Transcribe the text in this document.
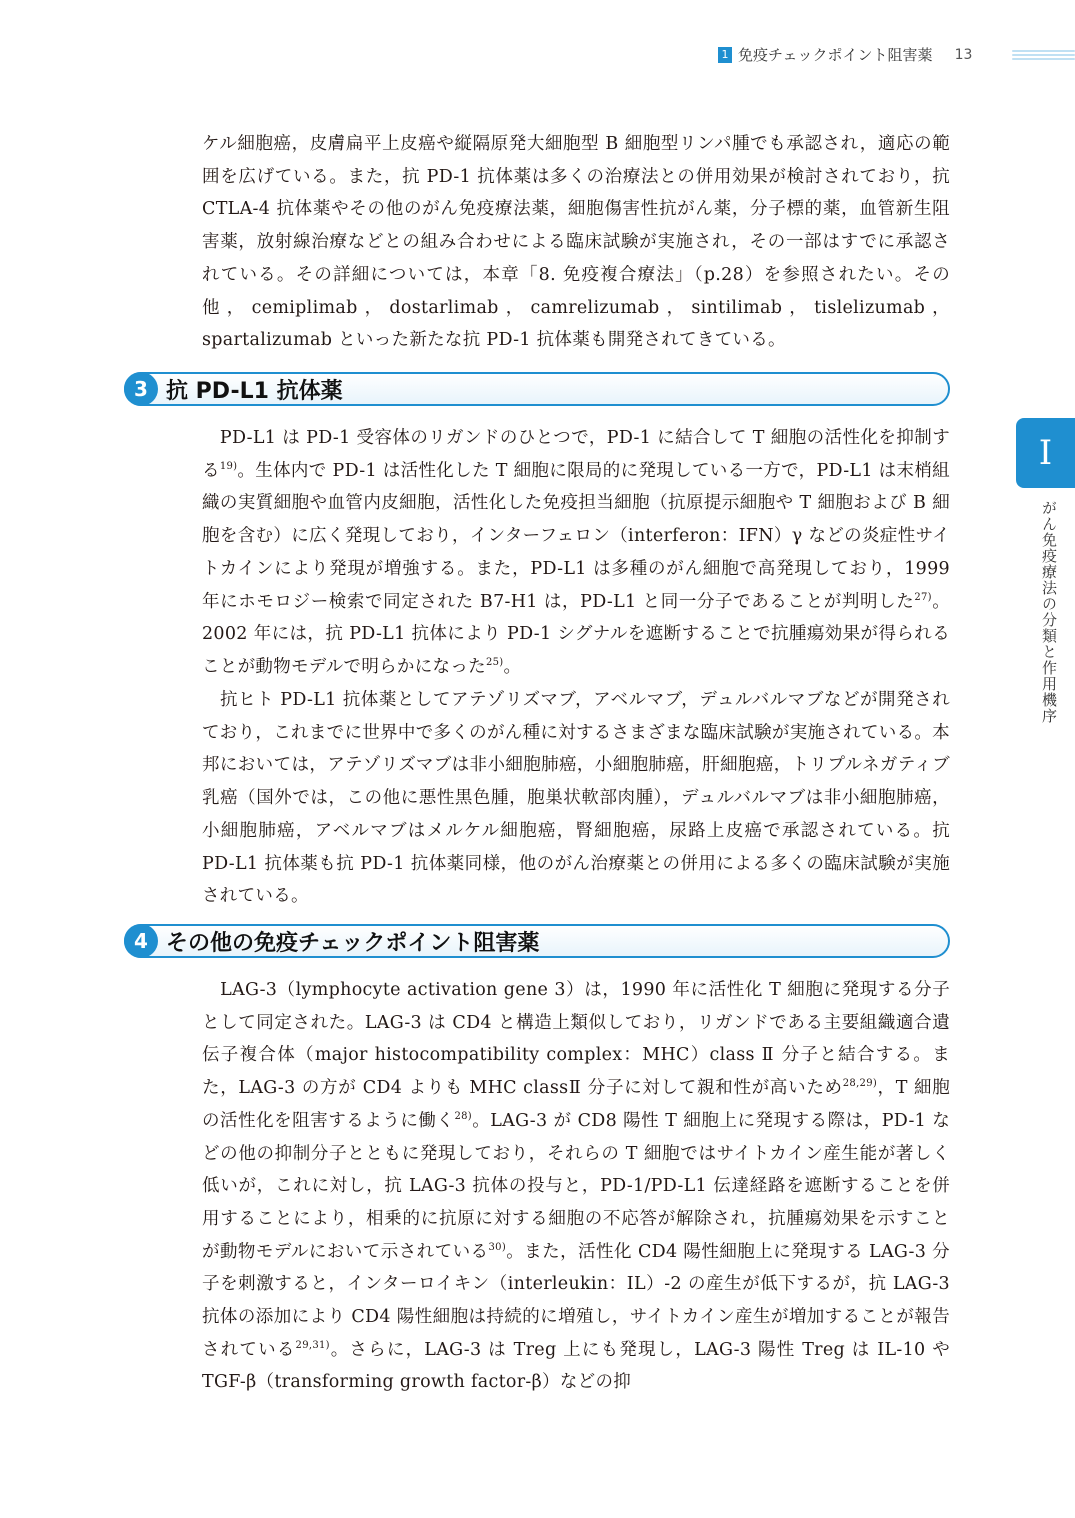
1 免疫チェックポイント阻害薬 13
I
がん免疫療法の分類と作用機序

ケル細胞癌，皮膚扁平上皮癌や縦隔原発大細胞型 B 細胞型リンパ腫でも承認され，適応の範囲を広げている。また，抗 PD-1 抗体薬は多くの治療法との併用効果が検討されており，抗 CTLA-4 抗体薬やその他のがん免疫療法薬，細胞傷害性抗がん薬，分子標的薬，血管新生阻害薬，放射線治療などとの組み合わせによる臨床試験が実施され，その一部はすでに承認されている。その詳細については，本章「8. 免疫複合療法」（p.28）を参照されたい。その他，cemiplimab，dostarlimab，camrelizumab，sintilimab，tislelizumab，spartalizumab といった新たな抗 PD-1 抗体薬も開発されてきている。

3 抗 PD-L1 抗体薬

　PD-L1 は PD-1 受容体のリガンドのひとつで，PD-1 に結合して T 細胞の活性化を抑制する$^{19)}$。生体内で PD-1 は活性化した T 細胞に限局的に発現している一方で，PD-L1 は末梢組織の実質細胞や血管内皮細胞，活性化した免疫担当細胞（抗原提示細胞や T 細胞および B 細胞を含む）に広く発現しており，インターフェロン（interferon：IFN）γ などの炎症性サイトカインにより発現が増強する。また，PD-L1 は多種のがん細胞で高発現しており，1999 年にホモロジー検索で同定された B7-H1 は，PD-L1 と同一分子であることが判明した$^{27)}$。2002 年には，抗 PD-L1 抗体により PD-1 シグナルを遮断することで抗腫瘍効果が得られることが動物モデルで明らかになった$^{25)}$。

　抗ヒト PD-L1 抗体薬としてアテゾリズマブ，アベルマブ，デュルバルマブなどが開発されており，これまでに世界中で多くのがん種に対するさまざまな臨床試験が実施されている。本邦においては，アテゾリズマブは非小細胞肺癌，小細胞肺癌，肝細胞癌，トリプルネガティブ乳癌（国外では，この他に悪性黒色腫，胞巣状軟部肉腫），デュルバルマブは非小細胞肺癌，小細胞肺癌，アベルマブはメルケル細胞癌，腎細胞癌，尿路上皮癌で承認されている。抗 PD-L1 抗体薬も抗 PD-1 抗体薬同様，他のがん治療薬との併用による多くの臨床試験が実施されている。

4 その他の免疫チェックポイント阻害薬

　LAG-3（lymphocyte activation gene 3）は，1990 年に活性化 T 細胞に発現する分子として同定された。LAG-3 は CD4 と構造上類似しており，リガンドである主要組織適合遺伝子複合体（major histocompatibility complex：MHC）class Ⅱ 分子と結合する。また，LAG-3 の方が CD4 よりも MHC classⅡ 分子に対して親和性が高いため$^{28,29)}$，T 細胞の活性化を阻害するように働く$^{28)}$。LAG-3 が CD8 陽性 T 細胞上に発現する際は，PD-1 などの他の抑制分子とともに発現しており，それらの T 細胞ではサイトカイン産生能が著しく低いが，これに対し，抗 LAG-3 抗体の投与と，PD-1/PD-L1 伝達経路を遮断することを併用することにより，相乗的に抗原に対する細胞の不応答が解除され，抗腫瘍効果を示すことが動物モデルにおいて示されている$^{30)}$。また，活性化 CD4 陽性細胞上に発現する LAG-3 分子を刺激すると，インターロイキン（interleukin：IL）-2 の産生が低下するが，抗 LAG-3 抗体の添加により CD4 陽性細胞は持続的に増殖し，サイトカイン産生が増加することが報告されている$^{29,31)}$。さらに，LAG-3 は Treg 上にも発現し，LAG-3 陽性 Treg は IL-10 や TGF-β（transforming growth factor-β）などの抑
